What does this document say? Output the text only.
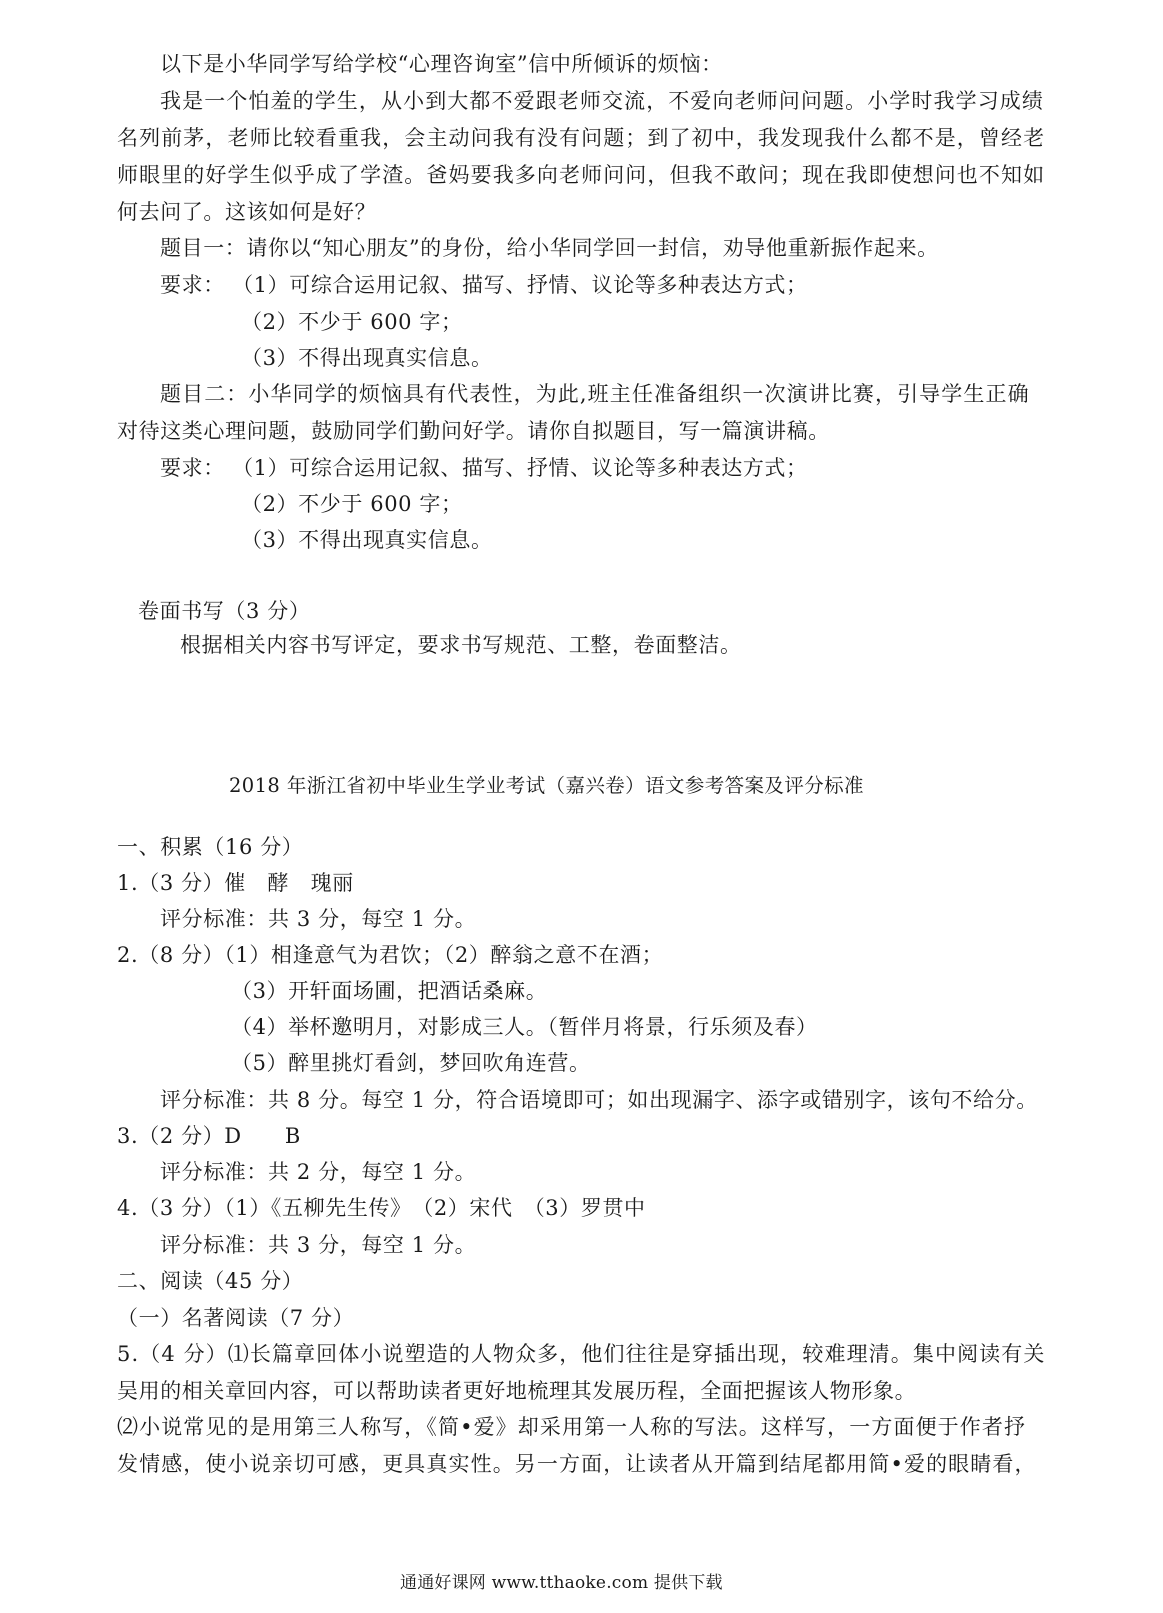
以下是小华同学写给学校“心理咨询室”信中所倾诉的烦恼：
我是一个怕羞的学生，从小到大都不爱跟老师交流，不爱向老师问问题。小学时我学习成绩
名列前茅，老师比较看重我，会主动问我有没有问题；到了初中，我发现我什么都不是，曾经老
师眼里的好学生似乎成了学渣。爸妈要我多向老师问问，但我不敢问；现在我即使想问也不知如
何去问了。这该如何是好？
题目一：请你以“知心朋友”的身份，给小华同学回一封信，劝导他重新振作起来。
要求： （1）可综合运用记叙、描写、抒情、议论等多种表达方式；
（2）不少于 600 字；
（3）不得出现真实信息。
题目二：小华同学的烦恼具有代表性，为此,班主任准备组织一次演讲比赛，引导学生正确
对待这类心理问题，鼓励同学们勤问好学。请你自拟题目，写一篇演讲稿。
要求： （1）可综合运用记叙、描写、抒情、议论等多种表达方式；
（2）不少于 600 字；
（3）不得出现真实信息。
卷面书写（3 分）
根据相关内容书写评定，要求书写规范、工整，卷面整洁。
2018 年浙江省初中毕业生学业考试（嘉兴卷）语文参考答案及评分标准
一、积累（16 分）
1.（3 分）催　酵　瑰丽
评分标准：共 3 分，每空 1 分。
2.（8 分）（1）相逢意气为君饮；（2）醉翁之意不在酒；
（3）开轩面场圃，把酒话桑麻。
（4）举杯邀明月，对影成三人。（暂伴月将景，行乐须及春）
（5）醉里挑灯看剑，梦回吹角连营。
评分标准：共 8 分。每空 1 分，符合语境即可；如出现漏字、添字或错别字，该句不给分。
3.（2 分）D　　B
评分标准：共 2 分，每空 1 分。
4.（3 分）（1）《五柳先生传》　（2）宋代　（3）罗贯中
评分标准：共 3 分，每空 1 分。
二、阅读（45 分）
（一）名著阅读（7 分）
5.（4 分）⑴长篇章回体小说塑造的人物众多，他们往往是穿插出现，较难理清。集中阅读有关
吴用的相关章回内容，可以帮助读者更好地梳理其发展历程，全面把握该人物形象。
⑵小说常见的是用第三人称写，《简•爱》却采用第一人称的写法。这样写，一方面便于作者抒
发情感，使小说亲切可感，更具真实性。另一方面，让读者从开篇到结尾都用简•爱的眼睛看，
通通好课网 www.tthaoke.com 提供下载
